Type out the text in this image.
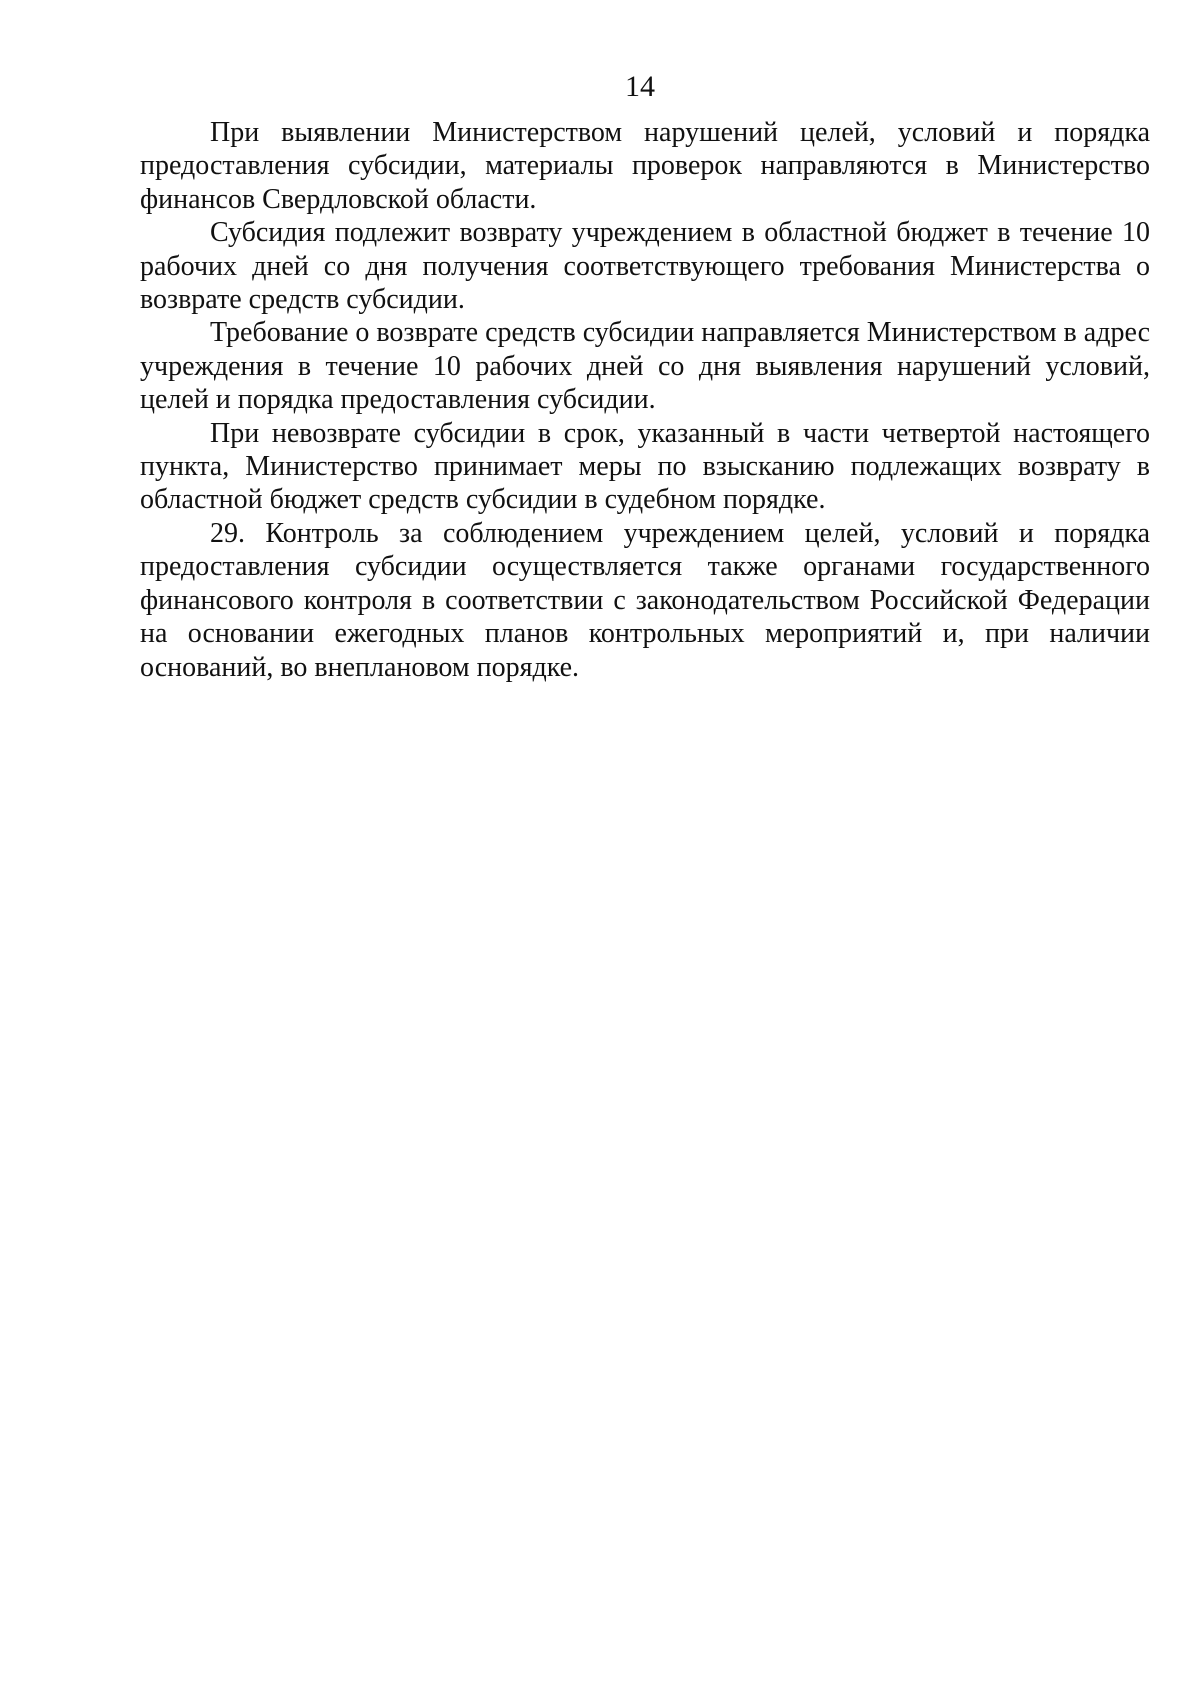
14

При выявлении Министерством нарушений целей, условий и порядка предоставления субсидии, материалы проверок направляются в Министерство финансов Свердловской области.

Субсидия подлежит возврату учреждением в областной бюджет в течение 10 рабочих дней со дня получения соответствующего требования Министерства о возврате средств субсидии.

Требование о возврате средств субсидии направляется Министерством в адрес учреждения в течение 10 рабочих дней со дня выявления нарушений условий, целей и порядка предоставления субсидии.

При невозврате субсидии в срок, указанный в части четвертой настоящего пункта, Министерство принимает меры по взысканию подлежащих возврату в областной бюджет средств субсидии в судебном порядке.

29. Контроль за соблюдением учреждением целей, условий и порядка предоставления субсидии осуществляется также органами государственного финансового контроля в соответствии с законодательством Российской Федерации на основании ежегодных планов контрольных мероприятий и, при наличии оснований, во внеплановом порядке.
